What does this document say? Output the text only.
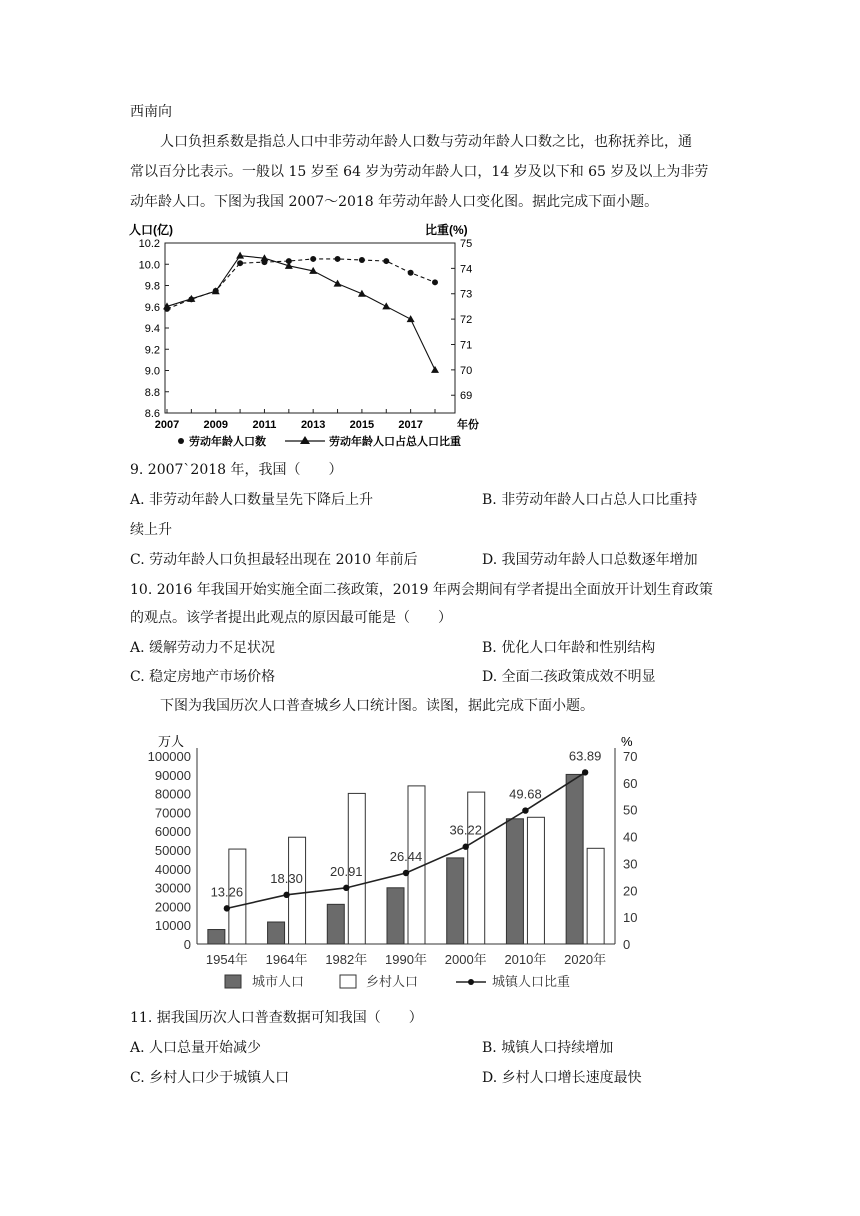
西南向
人口负担系数是指总人口中非劳动年龄人口数与劳动年龄人口数之比，也称抚养比，通
常以百分比表示。一般以 15 岁至 64 岁为劳动年龄人口，14 岁及以下和 65 岁及以上为非劳
动年龄人口。下图为我国 2007～2018 年劳动年龄人口变化图。据此完成下面小题。
人口(亿)	比重(%)
8.6
8.8
9.0
9.2
9.4
9.6
9.8
10.0
10.2
69
70
71
72
73
74
75
2007 2009 2011 2013 2015 2017	年份
劳动年龄人口数	劳动年龄人口占总人口比重
9. 2007`2018 年，我国（　　）
A. 非劳动年龄人口数量呈先下降后上升	B. 非劳动年龄人口占总人口比重持
续上升
C. 劳动年龄人口负担最轻出现在 2010 年前后	D. 我国劳动年龄人口总数逐年增加
10. 2016 年我国开始实施全面二孩政策，2019 年两会期间有学者提出全面放开计划生育政策
的观点。该学者提出此观点的原因最可能是（　　）
A. 缓解劳动力不足状况	B. 优化人口年龄和性别结构
C. 稳定房地产市场价格	D. 全面二孩政策成效不明显
下图为我国历次人口普查城乡人口统计图。读图，据此完成下面小题。
万人	%
0
10000
20000
30000
40000
50000
60000
70000
80000
90000
100000
0
10
20
30
40
50
60
70
1954年 1964年 1982年 1990年 2000年 2010年 2020年
13.26
18.30 20.91
26.44
36.22
49.68
63.89
城市人口	乡村人口	城镇人口比重
11. 据我国历次人口普查数据可知我国（　　）
A. 人口总量开始减少	B. 城镇人口持续增加
C. 乡村人口少于城镇人口	D. 乡村人口增长速度最快
